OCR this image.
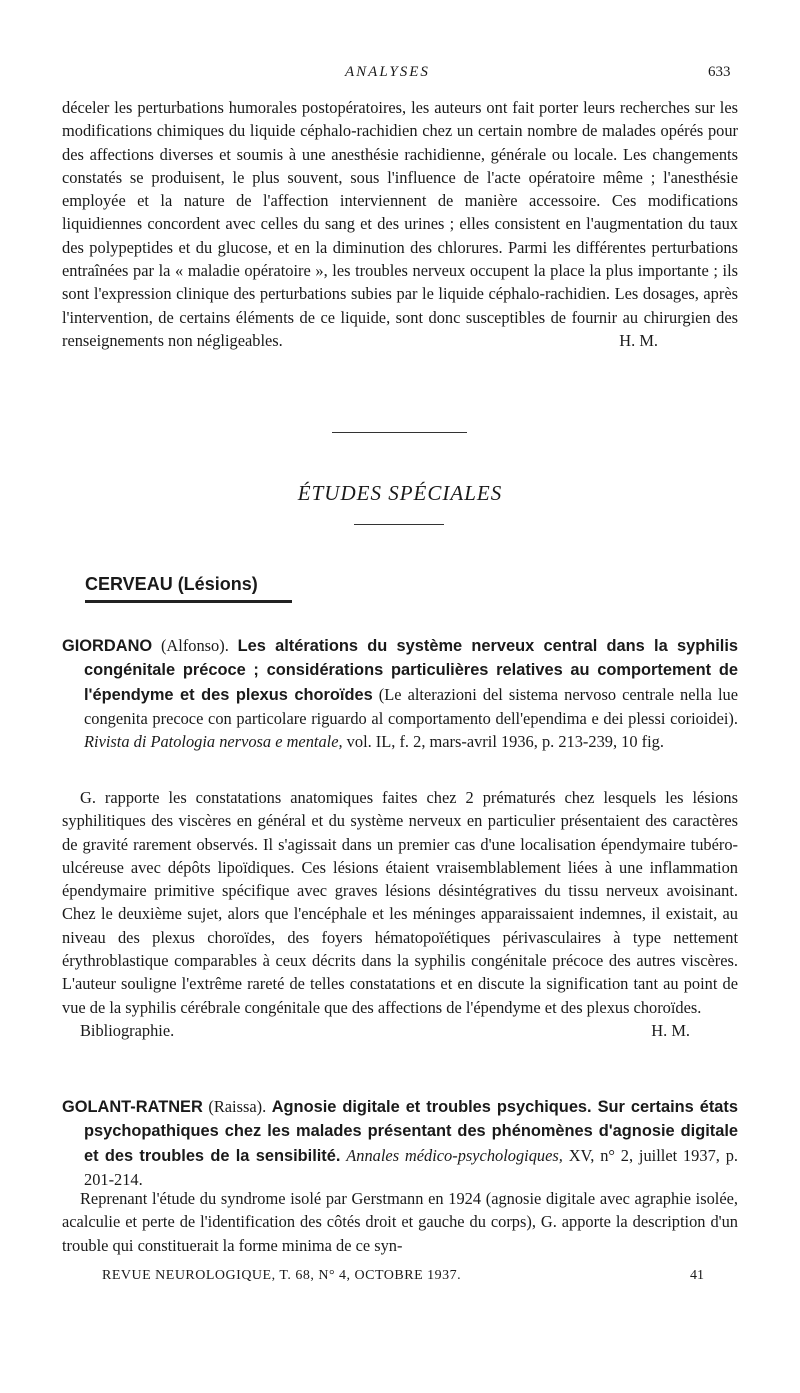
ANALYSES	633

déceler les perturbations humorales postopératoires, les auteurs ont fait porter leurs recherches sur les modifications chimiques du liquide céphalo-rachidien chez un certain nombre de malades opérés pour des affections diverses et soumis à une anesthésie rachidienne, générale ou locale. Les changements constatés se produisent, le plus souvent, sous l'influence de l'acte opératoire même ; l'anesthésie employée et la nature de l'affection interviennent de manière accessoire. Ces modifications liquidiennes concordent avec celles du sang et des urines ; elles consistent en l'augmentation du taux des polypeptides et du glucose, et en la diminution des chlorures. Parmi les différentes perturbations entraînées par la « maladie opératoire », les troubles nerveux occupent la place la plus importante ; ils sont l'expression clinique des perturbations subies par le liquide céphalo-rachidien. Les dosages, après l'intervention, de certains éléments de ce liquide, sont donc susceptibles de fournir au chirurgien des renseignements non négligeables.	H. M.

ÉTUDES SPÉCIALES
CERVEAU (Lésions)
GIORDANO (Alfonso). Les altérations du système nerveux central dans la syphilis congénitale précoce ; considérations particulières relatives au comportement de l'épendyme et des plexus choroïdes (Le alterazioni del sistema nervoso centrale nella lue congenita precoce con particolare riguardo al comportamento dell'ependima e dei plessi corioidei). Rivista di Patologia nervosa e mentale, vol. IL, f. 2, mars-avril 1936, p. 213-239, 10 fig.

G. rapporte les constatations anatomiques faites chez 2 prématurés chez lesquels les lésions syphilitiques des viscères en général et du système nerveux en particulier présentaient des caractères de gravité rarement observés. Il s'agissait dans un premier cas d'une localisation épendymaire tubéro-ulcéreuse avec dépôts lipoïdiques. Ces lésions étaient vraisemblablement liées à une inflammation épendymaire primitive spécifique avec graves lésions désintégratives du tissu nerveux avoisinant. Chez le deuxième sujet, alors que l'encéphale et les méninges apparaissaient indemnes, il existait, au niveau des plexus choroïdes, des foyers hématopoïétiques périvasculaires à type nettement érythroblastique comparables à ceux décrits dans la syphilis congénitale précoce des autres viscères. L'auteur souligne l'extrême rareté de telles constatations et en discute la signification tant au point de vue de la syphilis cérébrale congénitale que des affections de l'épendyme et des plexus choroïdes.

Bibliographie.	H. M.

GOLANT-RATNER (Raissa). Agnosie digitale et troubles psychiques. Sur certains états psychopathiques chez les malades présentant des phénomènes d'agnosie digitale et des troubles de la sensibilité. Annales médico-psychologiques, XV, n° 2, juillet 1937, p. 201-214.

Reprenant l'étude du syndrome isolé par Gerstmann en 1924 (agnosie digitale avec agraphie isolée, acalculie et perte de l'identification des côtés droit et gauche du corps), G. apporte la description d'un trouble qui constituerait la forme minima de ce syn-

REVUE NEUROLOGIQUE, T. 68, N° 4, OCTOBRE 1937.	41
